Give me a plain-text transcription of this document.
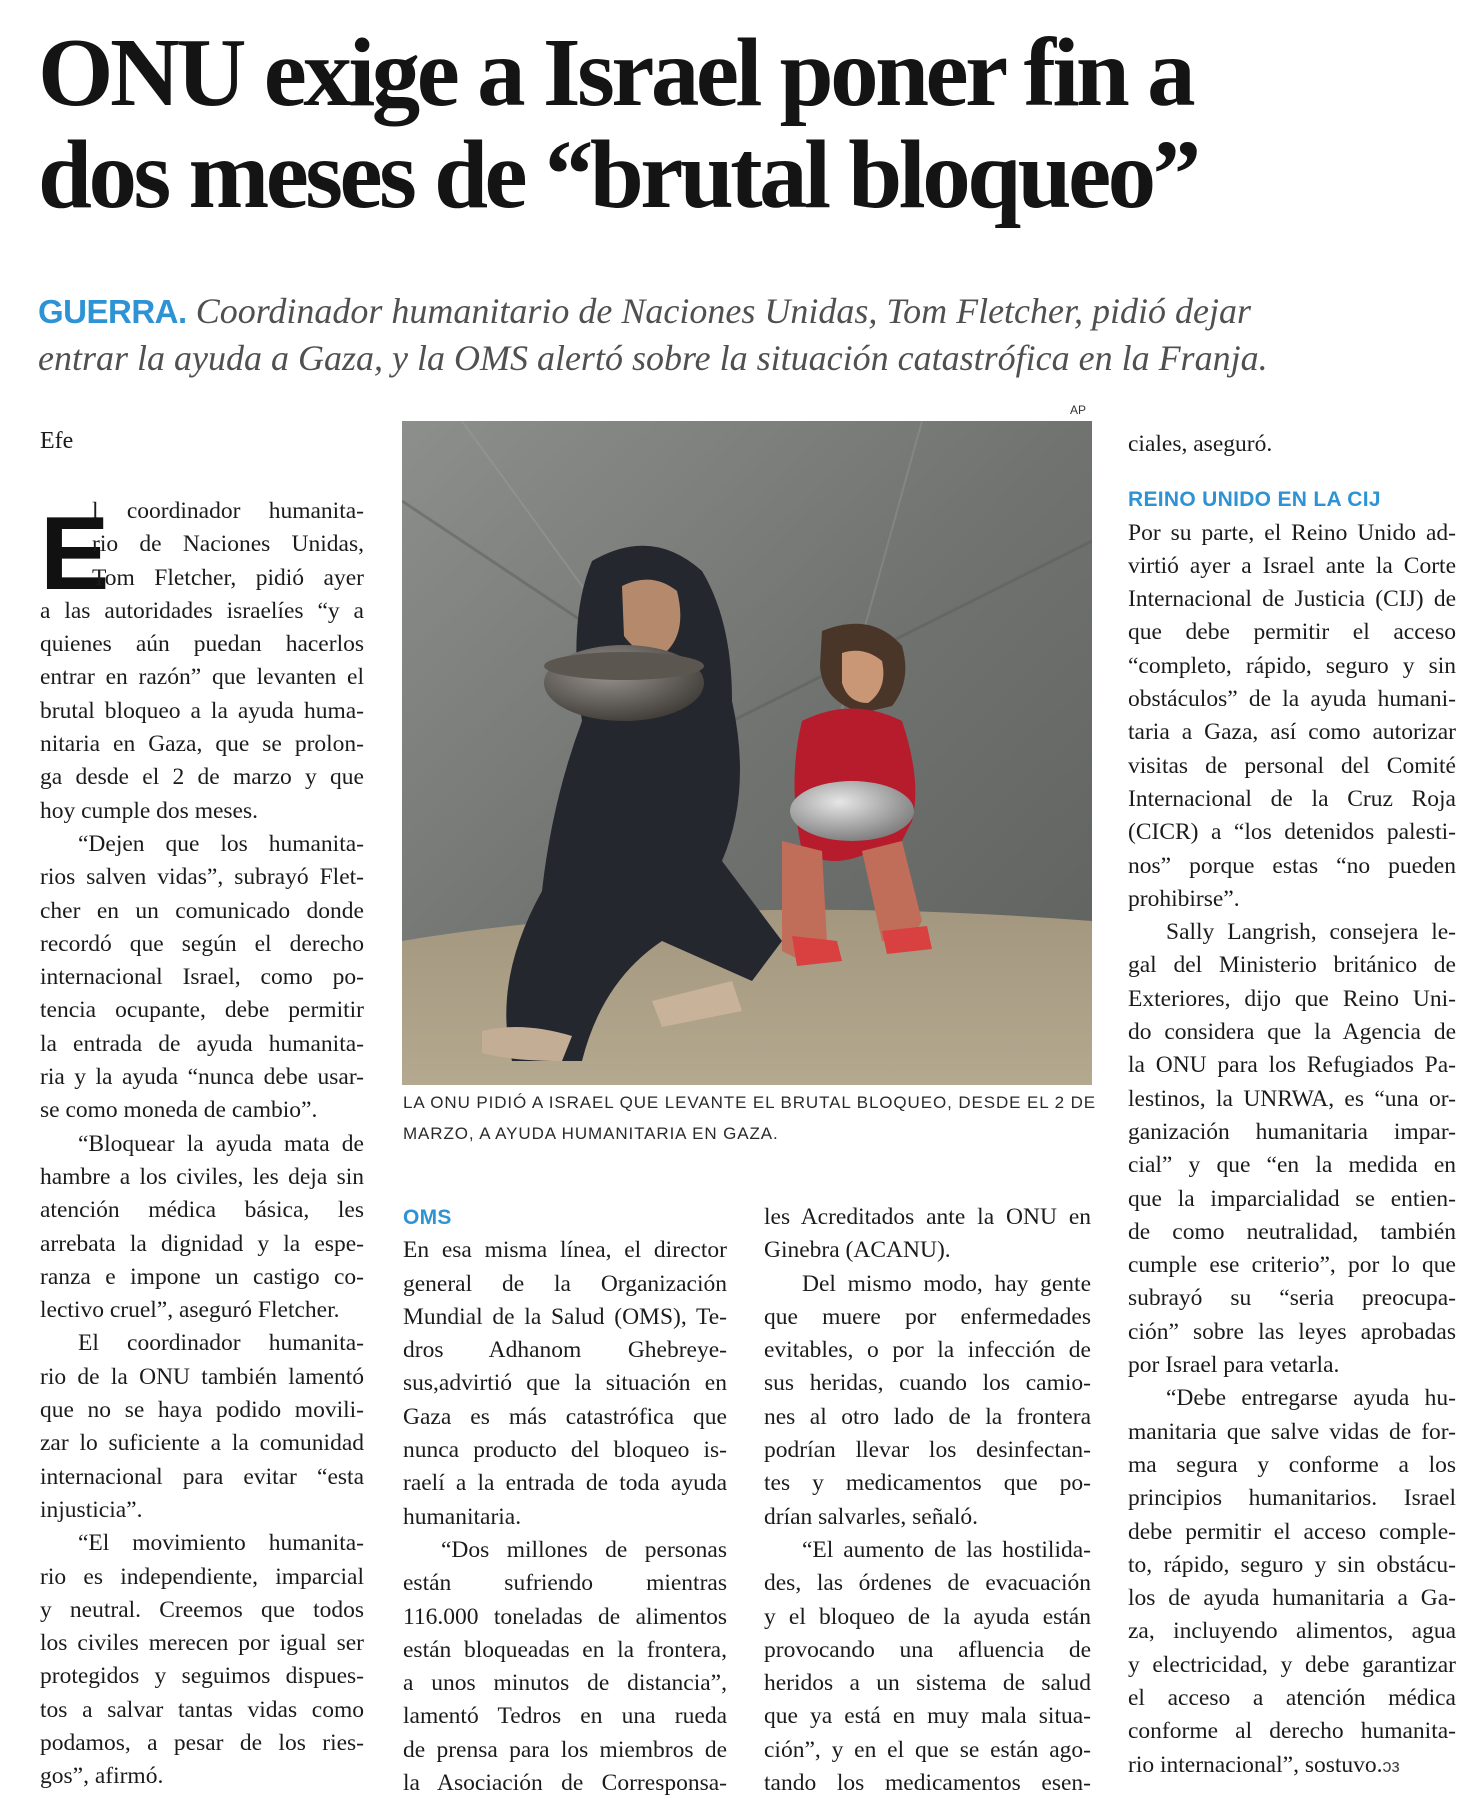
ONU exige a Israel poner fin a
dos meses de “brutal bloqueo”

GUERRA. Coordinador humanitario de Naciones Unidas, Tom Fletcher, pidió dejar
entrar la ayuda a Gaza, y la OMS alertó sobre la situación catastrófica en la Franja.

Efe
E
l coordinador humanita-
rio de Naciones Unidas,
Tom Fletcher, pidió ayer
a las autoridades israelíes “y a
quienes aún puedan hacerlos
entrar en razón” que levanten el
brutal bloqueo a la ayuda huma-
nitaria en Gaza, que se prolon-
ga desde el 2 de marzo y que
hoy cumple dos meses.
“Dejen que los humanita-
rios salven vidas”, subrayó Flet-
cher en un comunicado donde
recordó que según el derecho
internacional Israel, como po-
tencia ocupante, debe permitir
la entrada de ayuda humanita-
ria y la ayuda “nunca debe usar-
se como moneda de cambio”.
“Bloquear la ayuda mata de
hambre a los civiles, les deja sin
atención médica básica, les
arrebata la dignidad y la espe-
ranza e impone un castigo co-
lectivo cruel”, aseguró Fletcher.
El coordinador humanita-
rio de la ONU también lamentó
que no se haya podido movili-
zar lo suficiente a la comunidad
internacional para evitar “esta
injusticia”.
“El movimiento humanita-
rio es independiente, imparcial
y neutral. Creemos que todos
los civiles merecen por igual ser
protegidos y seguimos dispues-
tos a salvar tantas vidas como
podamos, a pesar de los ries-
gos”, afirmó.
AP
LA ONU PIDIÓ A ISRAEL QUE LEVANTE EL BRUTAL BLOQUEO, DESDE EL 2 DE
MARZO, A AYUDA HUMANITARIA EN GAZA.
OMS
En esa misma línea, el director
general de la Organización
Mundial de la Salud (OMS), Te-
dros Adhanom Ghebreye-
sus,advirtió que la situación en
Gaza es más catastrófica que
nunca producto del bloqueo is-
raelí a la entrada de toda ayuda
humanitaria.
“Dos millones de personas
están sufriendo mientras
116.000 toneladas de alimentos
están bloqueadas en la frontera,
a unos minutos de distancia”,
lamentó Tedros en una rueda
de prensa para los miembros de
la Asociación de Corresponsa-
les Acreditados ante la ONU en
Ginebra (ACANU).
Del mismo modo, hay gente
que muere por enfermedades
evitables, o por la infección de
sus heridas, cuando los camio-
nes al otro lado de la frontera
podrían llevar los desinfectan-
tes y medicamentos que po-
drían salvarles, señaló.
“El aumento de las hostilida-
des, las órdenes de evacuación
y el bloqueo de la ayuda están
provocando una afluencia de
heridos a un sistema de salud
que ya está en muy mala situa-
ción”, y en el que se están ago-
tando los medicamentos esen-
ciales, aseguró.
REINO UNIDO EN LA CIJ
Por su parte, el Reino Unido ad-
virtió ayer a Israel ante la Corte
Internacional de Justicia (CIJ) de
que debe permitir el acceso
“completo, rápido, seguro y sin
obstáculos” de la ayuda humani-
taria a Gaza, así como autorizar
visitas de personal del Comité
Internacional de la Cruz Roja
(CICR) a “los detenidos palesti-
nos” porque estas “no pueden
prohibirse”.
Sally Langrish, consejera le-
gal del Ministerio británico de
Exteriores, dijo que Reino Uni-
do considera que la Agencia de
la ONU para los Refugiados Pa-
lestinos, la UNRWA, es “una or-
ganización humanitaria impar-
cial” y que “en la medida en
que la imparcialidad se entien-
de como neutralidad, también
cumple ese criterio”, por lo que
subrayó su “seria preocupa-
ción” sobre las leyes aprobadas
por Israel para vetarla.
“Debe entregarse ayuda hu-
manitaria que salve vidas de for-
ma segura y conforme a los
principios humanitarios. Israel
debe permitir el acceso comple-
to, rápido, seguro y sin obstácu-
los de ayuda humanitaria a Ga-
za, incluyendo alimentos, agua
y electricidad, y debe garantizar
el acceso a atención médica
conforme al derecho humanita-
rio internacional”, sostuvo.ↄз
